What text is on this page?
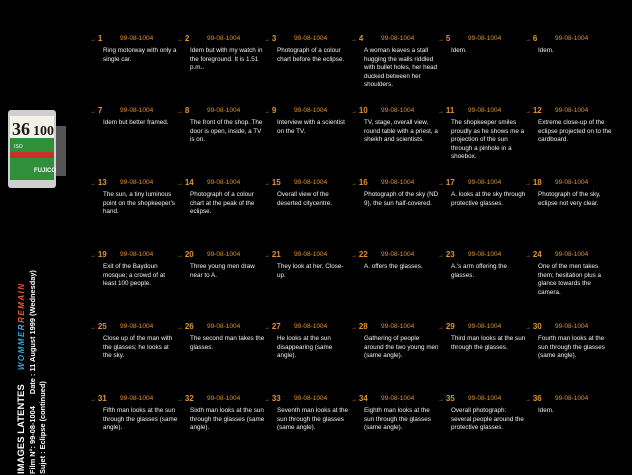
36 100
FUJICO
ISO
IMAGES LATENTESWOMMERREMAIN
Film N°: 99-08-1004Date : 11 August 1999 (Wednesday)
Sujet : Eclipse (continued)
→ 1	99-08-1004
Ring motorway with only a single car.
→ 2	99-08-1004
Idem but with my watch in the foreground. It is 1.51 p.m..
→ 3	99-08-1004
Photograph of a colour chart before the eclipse.
→ 4	99-08-1004
A woman leaves a stall hugging the walls riddled with bullet holes, her head ducked between her shoulders.
→ 5	99-08-1004
Idem.
→ 6	99-08-1004
Idem.
→ 7	99-08-1004
Idem but better framed.
→ 8	99-08-1004
The front of the shop. The door is open, inside, a TV is on.
→ 9	99-08-1004
Interview with a scientist on the TV.
→ 10 99-08-1004
TV, stage, overall view, round table with a priest, a sheikh and scientists.
→ 11 99-08-1004
The shopkeeper smiles proudly as he shows me a projection of the sun through a pinhole in a shoebox.
→ 12 99-08-1004
Extreme close-up of the eclipse projected on to the cardboard.
→ 13 99-08-1004
The sun, a tiny luminous point on the shopkeeper's hand.
→ 14 99-08-1004
Photograph of a colour chart at the peak of the eclipse.
→ 15 99-08-1004
Overall view of the deserted citycentre.
→ 16 99-08-1004
Photograph of the sky (ND 9), the sun half-covered.
→ 17 99-08-1004
A. looks at the sky through protective glasses.
→ 18 99-08-1004
Photograph of the sky, eclipse not very clear.
→ 19 99-08-1004
Exit of the Baydoun mosque; a crowd of at least 100 people.
→ 20 99-08-1004
Three young men draw near to A.
→ 21 99-08-1004
They look at her. Close-up.
→ 22 99-08-1004
A. offers the glasses.
→ 23 99-08-1004
A.'s arm offering the glasses.
→ 24 99-08-1004
One of the men takes them; hesitation plus a glance towards the camera.
→ 25 99-08-1004
Close up of the man with the glasses; he looks at the sky.
→ 26 99-08-1004
The second man takes the glasses.
→ 27 99-08-1004
He looks at the sun disappearing (same angle).
→ 28 99-08-1004
Gathering of people around the two young men (same angle).
→ 29 99-08-1004
Third man looks at the sun through the glasses.
→ 30 99-08-1004
Fourth man looks at the sun through the glasses (same angle).
→ 31 99-08-1004
Fifth man looks at the sun through the glasses (same angle).
→ 32 99-08-1004
Sixth man looks at the sun through the glasses (same angle).
→ 33 99-08-1004
Seventh man looks at the sun through the glasses (same angle).
→ 34 99-08-1004
Eighth man looks at the sun through the glasses (same angle).
→ 35 99-08-1004
Overall photograph: several people around the protective glasses.
→ 36 99-08-1004
Idem.
